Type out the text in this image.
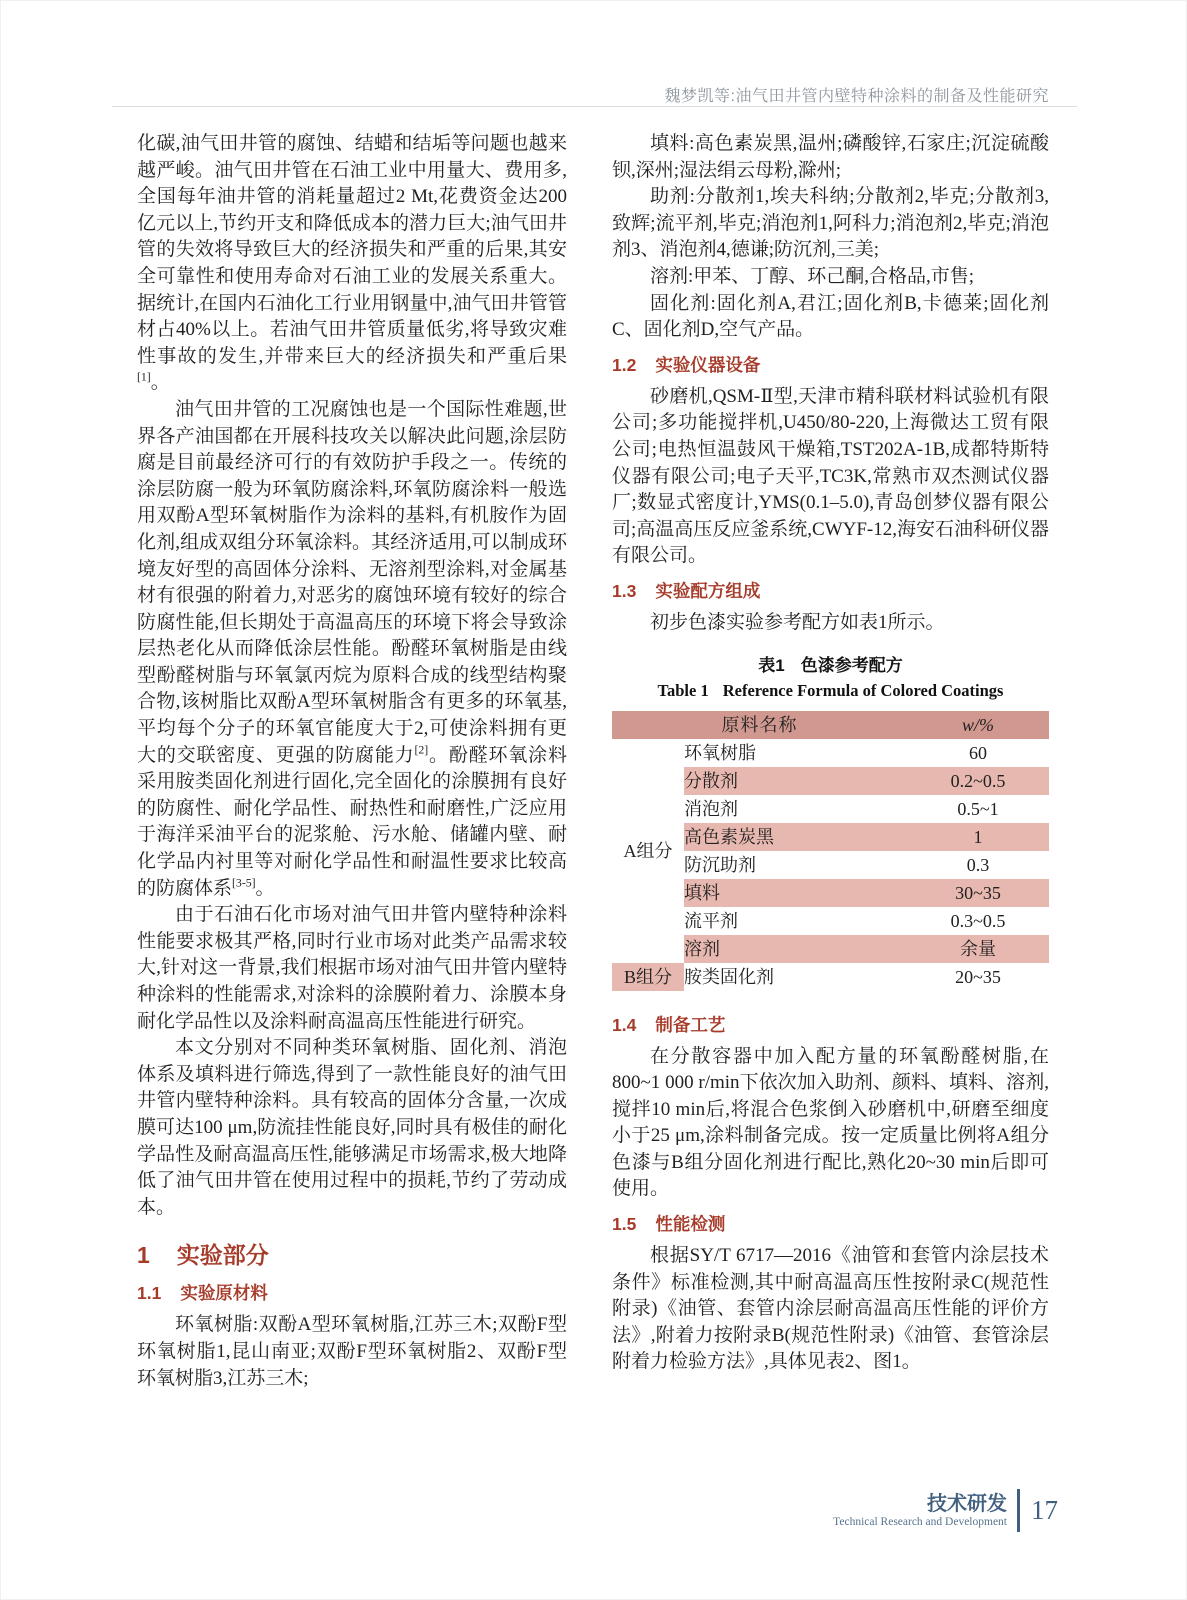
魏梦凯等:油气田井管内壁特种涂料的制备及性能研究

化碳,油气田井管的腐蚀、结蜡和结垢等问题也越来越严峻。油气田井管在石油工业中用量大、费用多,全国每年油井管的消耗量超过2 Mt,花费资金达200亿元以上,节约开支和降低成本的潜力巨大;油气田井管的失效将导致巨大的经济损失和严重的后果,其安全可靠性和使用寿命对石油工业的发展关系重大。据统计,在国内石油化工行业用钢量中,油气田井管管材占40%以上。若油气田井管质量低劣,将导致灾难性事故的发生,并带来巨大的经济损失和严重后果[1]。

油气田井管的工况腐蚀也是一个国际性难题,世界各产油国都在开展科技攻关以解决此问题,涂层防腐是目前最经济可行的有效防护手段之一。传统的涂层防腐一般为环氧防腐涂料,环氧防腐涂料一般选用双酚A型环氧树脂作为涂料的基料,有机胺作为固化剂,组成双组分环氧涂料。其经济适用,可以制成环境友好型的高固体分涂料、无溶剂型涂料,对金属基材有很强的附着力,对恶劣的腐蚀环境有较好的综合防腐性能,但长期处于高温高压的环境下将会导致涂层热老化从而降低涂层性能。酚醛环氧树脂是由线型酚醛树脂与环氧氯丙烷为原料合成的线型结构聚合物,该树脂比双酚A型环氧树脂含有更多的环氧基,平均每个分子的环氧官能度大于2,可使涂料拥有更大的交联密度、更强的防腐能力[2]。酚醛环氧涂料采用胺类固化剂进行固化,完全固化的涂膜拥有良好的防腐性、耐化学品性、耐热性和耐磨性,广泛应用于海洋采油平台的泥浆舱、污水舱、储罐内壁、耐化学品内衬里等对耐化学品性和耐温性要求比较高的防腐体系[3-5]。

由于石油石化市场对油气田井管内壁特种涂料性能要求极其严格,同时行业市场对此类产品需求较大,针对这一背景,我们根据市场对油气田井管内壁特种涂料的性能需求,对涂料的涂膜附着力、涂膜本身耐化学品性以及涂料耐高温高压性能进行研究。

本文分别对不同种类环氧树脂、固化剂、消泡体系及填料进行筛选,得到了一款性能良好的油气田井管内壁特种涂料。具有较高的固体分含量,一次成膜可达100 μm,防流挂性能良好,同时具有极佳的耐化学品性及耐高温高压性,能够满足市场需求,极大地降低了油气田井管在使用过程中的损耗,节约了劳动成本。

1 实验部分
1.1 实验原材料

环氧树脂:双酚A型环氧树脂,江苏三木;双酚F型环氧树脂1,昆山南亚;双酚F型环氧树脂2、双酚F型环氧树脂3,江苏三木;

填料:高色素炭黑,温州;磷酸锌,石家庄;沉淀硫酸钡,深州;湿法绢云母粉,滁州;

助剂:分散剂1,埃夫科纳;分散剂2,毕克;分散剂3,致辉;流平剂,毕克;消泡剂1,阿科力;消泡剂2,毕克;消泡剂3、消泡剂4,德谦;防沉剂,三美;

溶剂:甲苯、丁醇、环己酮,合格品,市售;

固化剂:固化剂A,君江;固化剂B,卡德莱;固化剂C、固化剂D,空气产品。

1.2 实验仪器设备

砂磨机,QSM-Ⅱ型,天津市精科联材料试验机有限公司;多功能搅拌机,U450/80-220,上海微达工贸有限公司;电热恒温鼓风干燥箱,TST202A-1B,成都特斯特仪器有限公司;电子天平,TC3K,常熟市双杰测试仪器厂;数显式密度计,YMS(0.1–5.0),青岛创梦仪器有限公司;高温高压反应釜系统,CWYF-12,海安石油科研仪器有限公司。

1.3 实验配方组成

初步色漆实验参考配方如表1所示。

表1 色漆参考配方
Table 1 Reference Formula of Colored Coatings
原料名称		w/%
A组分	环氧树脂	60
	分散剂	0.2~0.5
	消泡剂	0.5~1
	高色素炭黑	1
	防沉助剂	0.3
	填料	30~35
	流平剂	0.3~0.5
	溶剂	余量
B组分	胺类固化剂	20~35
1.4 制备工艺

在分散容器中加入配方量的环氧酚醛树脂,在800~1 000 r/min下依次加入助剂、颜料、填料、溶剂,搅拌10 min后,将混合色浆倒入砂磨机中,研磨至细度小于25 μm,涂料制备完成。按一定质量比例将A组分色漆与B组分固化剂进行配比,熟化20~30 min后即可使用。

1.5 性能检测

根据SY/T 6717—2016《油管和套管内涂层技术条件》标准检测,其中耐高温高压性按附录C(规范性附录)《油管、套管内涂层耐高温高压性能的评价方法》,附着力按附录B(规范性附录)《油管、套管涂层附着力检验方法》,具体见表2、图1。

技术研发
Technical Research and Development 17
